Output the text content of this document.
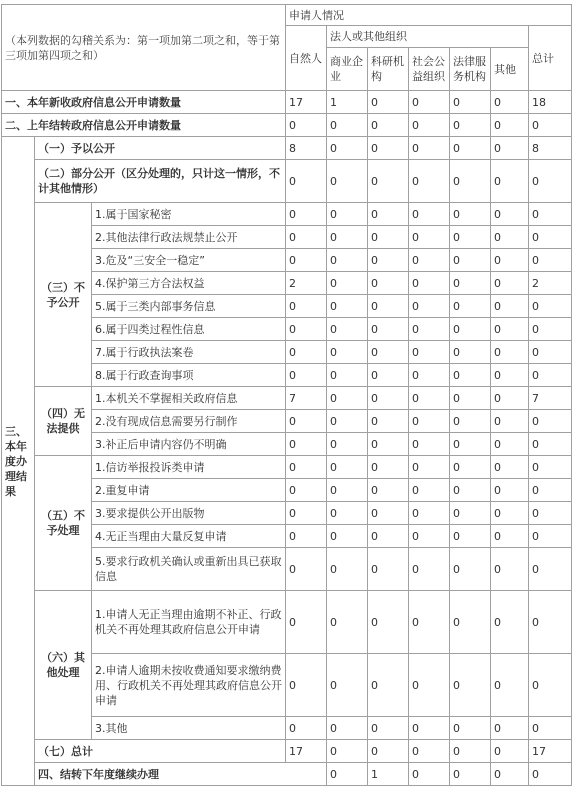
（本列数据的勾稽关系为：第一项加第二项之和，等于第三项加第四项之和）			申请人情况							
			自然人	法人或其他组织					总计	
				商业企业	科研机构	社会公益组织	法律服务机构	其他		
一、本年新收政府信息公开申请数量			17	1	0	0	0	0	18	
二、上年结转政府信息公开申请数量			0	0	0	0	0	0	0	
三、本年度办理结果	（一）予以公开		8	0	0	0	0	0	8	
	（二）部分公开（区分处理的，只计这一情形，不计其他情形）		0	0	0	0	0	0	0	
	（三）不予公开	1.属于国家秘密	0	0	0	0	0	0	0	
		2.其他法律行政法规禁止公开	0	0	0	0	0	0	0	
		3.危及“三安全一稳定”	0	0	0	0	0	0	0	
		4.保护第三方合法权益	2	0	0	0	0	0	2	
		5.属于三类内部事务信息	0	0	0	0	0	0	0	
		6.属于四类过程性信息	0	0	0	0	0	0	0	
		7.属于行政执法案卷	0	0	0	0	0	0	0	
		8.属于行政查询事项	0	0	0	0	0	0	0	
	（四）无法提供	1.本机关不掌握相关政府信息	7	0	0	0	0	0	7	
		2.没有现成信息需要另行制作	0	0	0	0	0	0	0	
		3.补正后申请内容仍不明确	0	0	0	0	0	0	0	
	（五）不予处理	1.信访举报投诉类申请	0	0	0	0	0	0	0	
		2.重复申请	0	0	0	0	0	0	0	
		3.要求提供公开出版物	0	0	0	0	0	0	0	
		4.无正当理由大量反复申请	0	0	0	0	0	0	0	
		5.要求行政机关确认或重新出具已获取信息	0	0	0	0	0	0	0	
	（六）其他处理	1.申请人无正当理由逾期不补正、行政机关不再处理其政府信息公开申请	0	0	0	0	0	0	0	
		2.申请人逾期未按收费通知要求缴纳费用、行政机关不再处理其政府信息公开申请	0	0	0	0	0	0	0	
		3.其他	0	0	0	0	0	0	0	
	（七）总计		17	0	0	0	0	0	17	
	四、结转下年度继续办理			0	1	0	0	0	0	
